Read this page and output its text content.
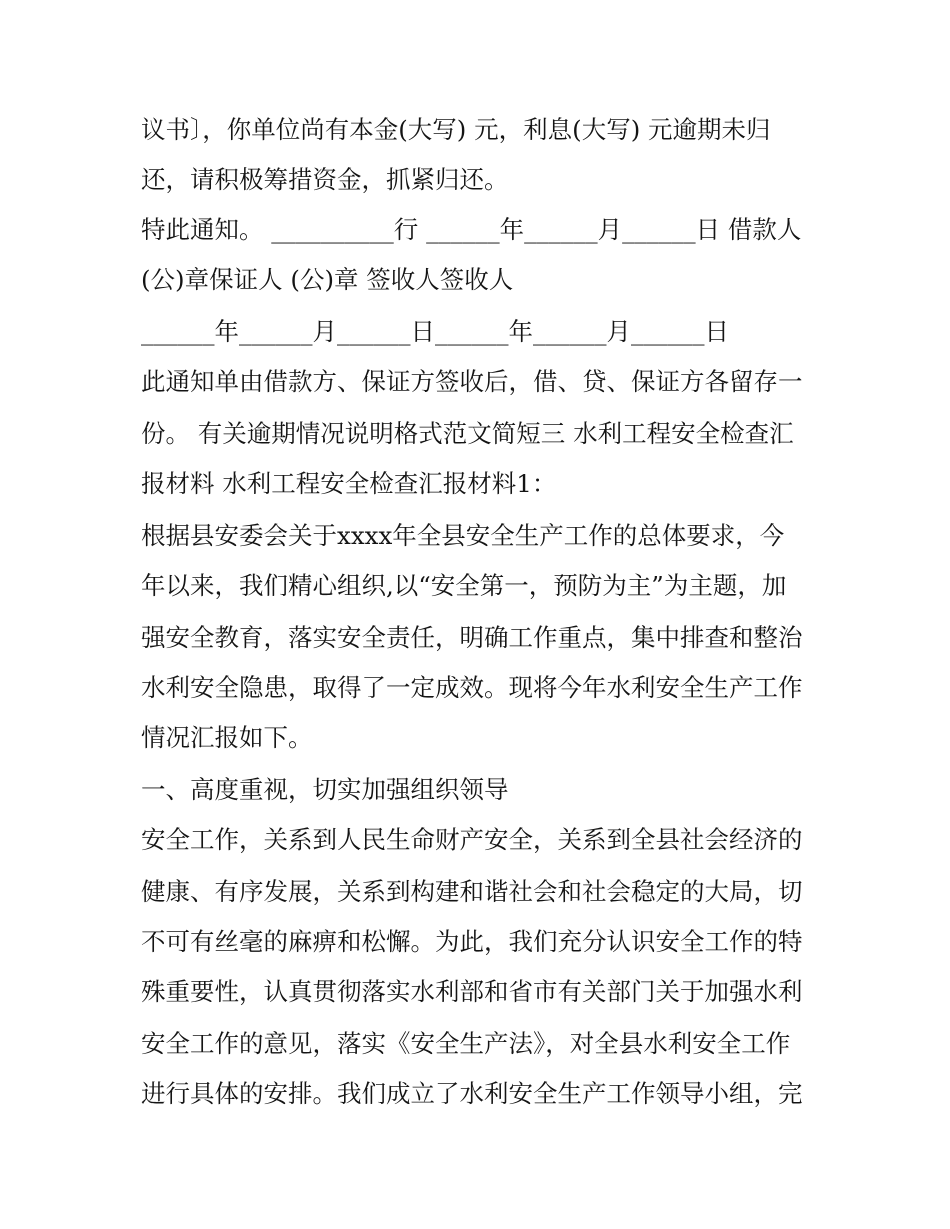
议书〕，你单位尚有本金(大写) 元，利息(大写) 元逾期未归
还，请积极筹措资金，抓紧归还。
特此通知。 __________行 ______年______月______日 借款人
(公)章保证人 (公)章 签收人签收人
______年______月______日______年______月______日
此通知单由借款方、保证方签收后，借、贷、保证方各留存一
份。 有关逾期情况说明格式范文简短三 水利工程安全检查汇
报材料 水利工程安全检查汇报材料1：
根据县安委会关于xxxx年全县安全生产工作的总体要求，今
年以来，我们精心组织,以“安全第一，预防为主”为主题，加
强安全教育，落实安全责任，明确工作重点，集中排查和整治
水利安全隐患，取得了一定成效。现将今年水利安全生产工作
情况汇报如下。
一、高度重视，切实加强组织领导
安全工作，关系到人民生命财产安全，关系到全县社会经济的
健康、有序发展，关系到构建和谐社会和社会稳定的大局，切
不可有丝毫的麻痹和松懈。为此，我们充分认识安全工作的特
殊重要性，认真贯彻落实水利部和省市有关部门关于加强水利
安全工作的意见，落实《安全生产法》，对全县水利安全工作
进行具体的安排。我们成立了水利安全生产工作领导小组，完
